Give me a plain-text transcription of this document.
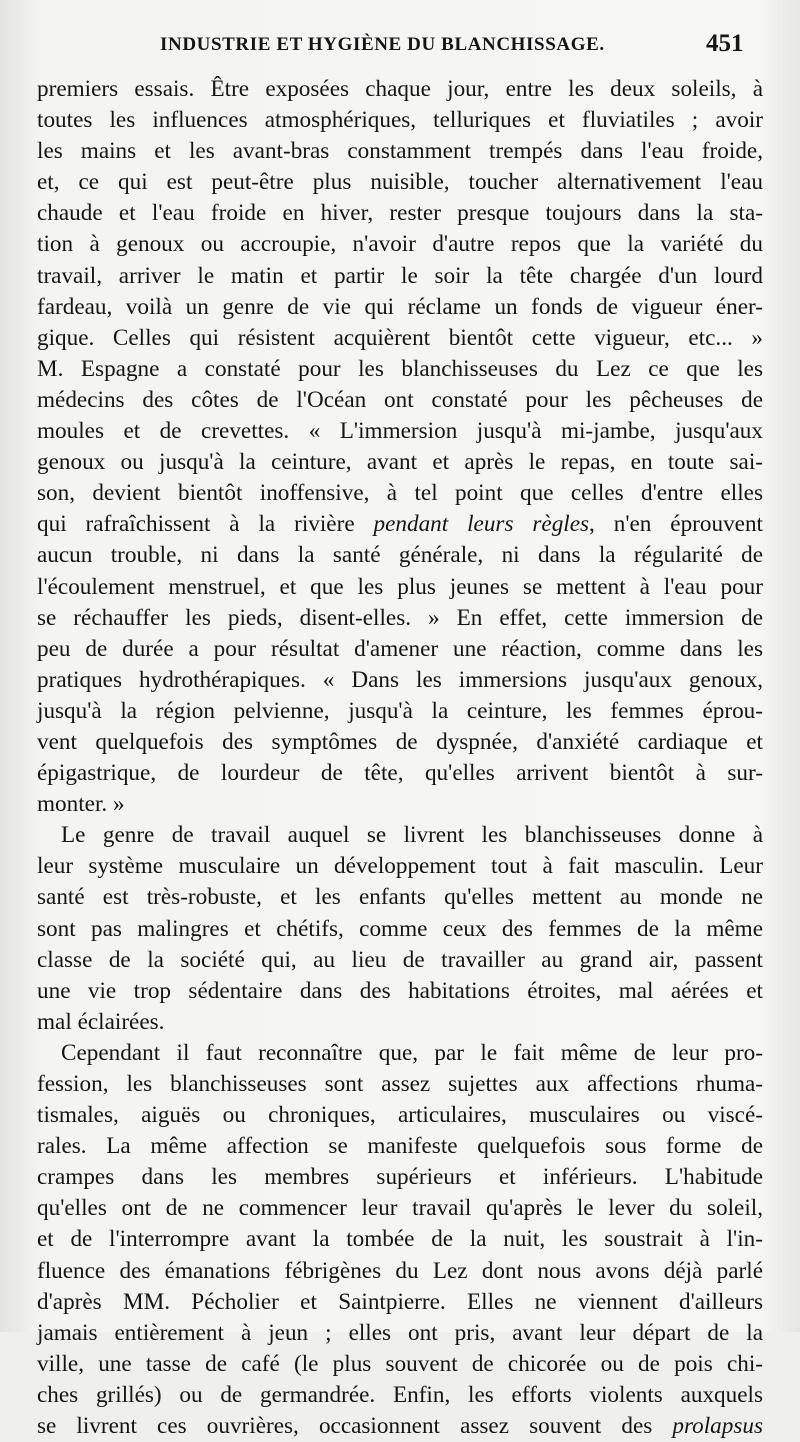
INDUSTRIE ET HYGIÈNE DU BLANCHISSAGE.	451
premiers essais. Être exposées chaque jour, entre les deux soleils, à
toutes les influences atmosphériques, telluriques et fluviatiles ; avoir
les mains et les avant-bras constamment trempés dans l'eau froide,
et, ce qui est peut-être plus nuisible, toucher alternativement l'eau
chaude et l'eau froide en hiver, rester presque toujours dans la sta-
tion à genoux ou accroupie, n'avoir d'autre repos que la variété du
travail, arriver le matin et partir le soir la tête chargée d'un lourd
fardeau, voilà un genre de vie qui réclame un fonds de vigueur éner-
gique. Celles qui résistent acquièrent bientôt cette vigueur, etc... »
M. Espagne a constaté pour les blanchisseuses du Lez ce que les
médecins des côtes de l'Océan ont constaté pour les pêcheuses de
moules et de crevettes. « L'immersion jusqu'à mi-jambe, jusqu'aux
genoux ou jusqu'à la ceinture, avant et après le repas, en toute sai-
son, devient bientôt inoffensive, à tel point que celles d'entre elles
qui rafraîchissent à la rivière pendant leurs règles, n'en éprouvent
aucun trouble, ni dans la santé générale, ni dans la régularité de
l'écoulement menstruel, et que les plus jeunes se mettent à l'eau pour
se réchauffer les pieds, disent-elles. » En effet, cette immersion de
peu de durée a pour résultat d'amener une réaction, comme dans les
pratiques hydrothérapiques. « Dans les immersions jusqu'aux genoux,
jusqu'à la région pelvienne, jusqu'à la ceinture, les femmes éprou-
vent quelquefois des symptômes de dyspnée, d'anxiété cardiaque et
épigastrique, de lourdeur de tête, qu'elles arrivent bientôt à sur-
monter. »
Le genre de travail auquel se livrent les blanchisseuses donne à
leur système musculaire un développement tout à fait masculin. Leur
santé est très-robuste, et les enfants qu'elles mettent au monde ne
sont pas malingres et chétifs, comme ceux des femmes de la même
classe de la société qui, au lieu de travailler au grand air, passent
une vie trop sédentaire dans des habitations étroites, mal aérées et
mal éclairées.
Cependant il faut reconnaître que, par le fait même de leur pro-
fession, les blanchisseuses sont assez sujettes aux affections rhuma-
tismales, aiguës ou chroniques, articulaires, musculaires ou viscé-
rales. La même affection se manifeste quelquefois sous forme de
crampes dans les membres supérieurs et inférieurs. L'habitude
qu'elles ont de ne commencer leur travail qu'après le lever du soleil,
et de l'interrompre avant la tombée de la nuit, les soustrait à l'in-
fluence des émanations fébrigènes du Lez dont nous avons déjà parlé
d'après MM. Pécholier et Saintpierre. Elles ne viennent d'ailleurs
jamais entièrement à jeun ; elles ont pris, avant leur départ de la
ville, une tasse de café (le plus souvent de chicorée ou de pois chi-
ches grillés) ou de germandrée. Enfin, les efforts violents auxquels
se livrent ces ouvrières, occasionnent assez souvent des prolapsus
